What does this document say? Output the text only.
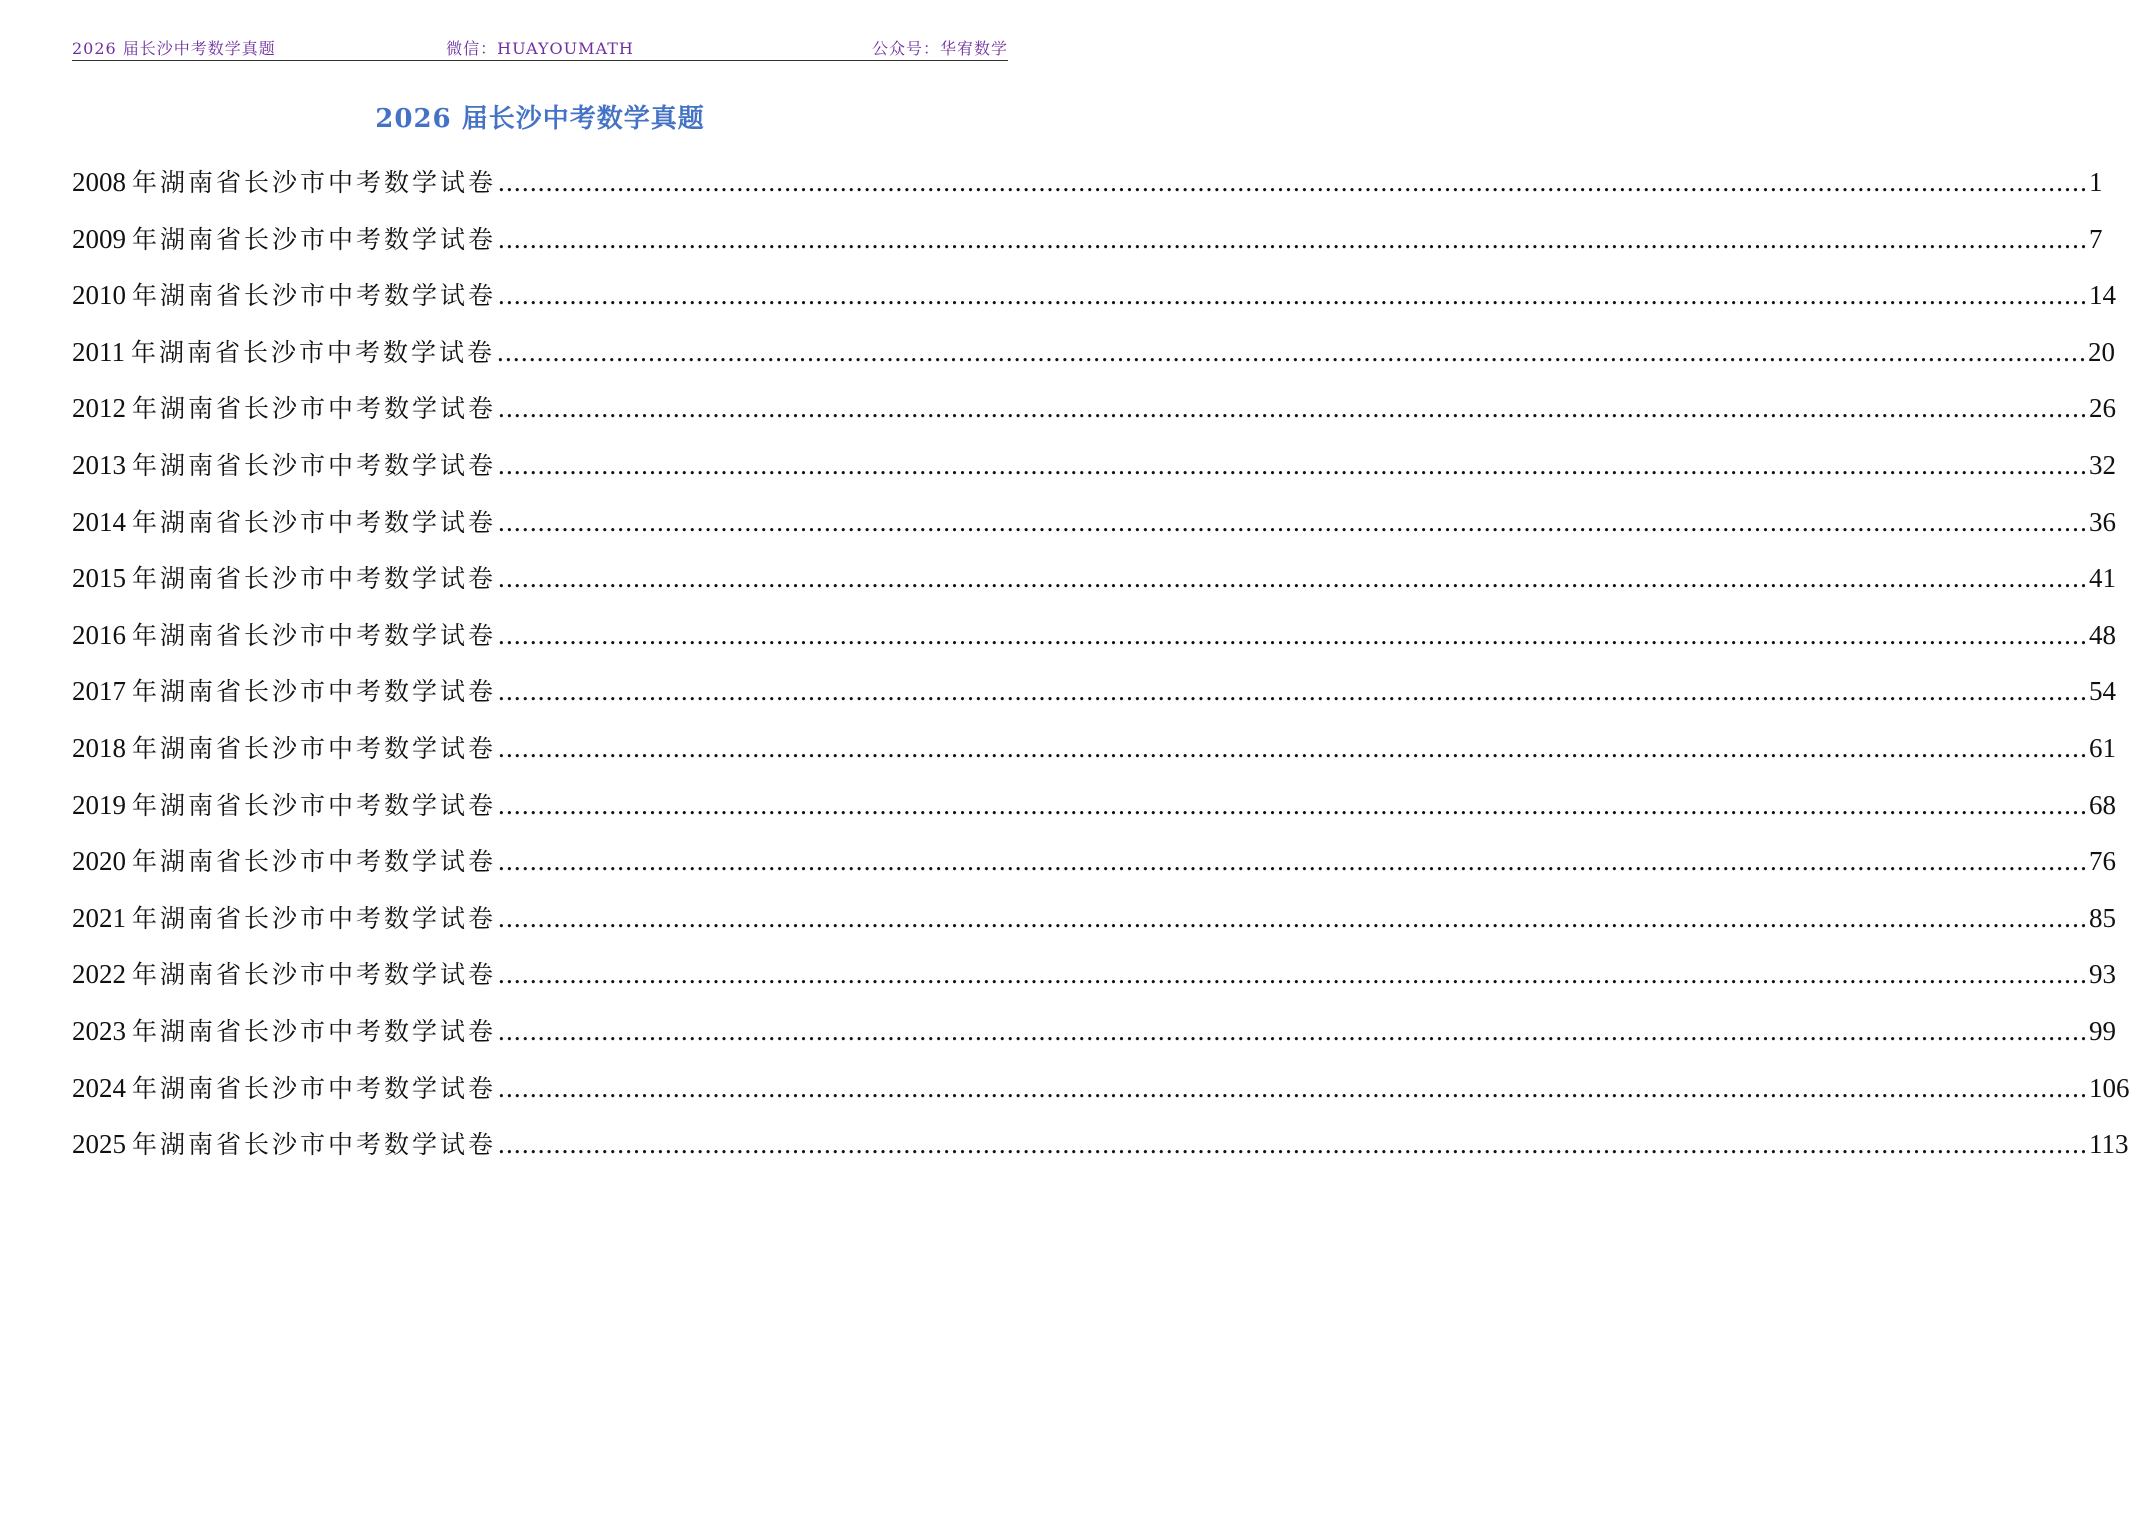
2026 届长沙中考数学真题	微信：HUAYOUMATH	公众号：华宥数学
2026 届长沙中考数学真题
2008 年湖南省长沙市中考数学试卷 ........................................................................................................................................................................................................ 1
2009 年湖南省长沙市中考数学试卷 ........................................................................................................................................................................................................ 7
2010 年湖南省长沙市中考数学试卷 ........................................................................................................................................................................................................ 14
2011 年湖南省长沙市中考数学试卷 ........................................................................................................................................................................................................ 20
2012 年湖南省长沙市中考数学试卷 ........................................................................................................................................................................................................ 26
2013 年湖南省长沙市中考数学试卷 ........................................................................................................................................................................................................ 32
2014 年湖南省长沙市中考数学试卷 ........................................................................................................................................................................................................ 36
2015 年湖南省长沙市中考数学试卷 ........................................................................................................................................................................................................ 41
2016 年湖南省长沙市中考数学试卷 ........................................................................................................................................................................................................ 48
2017 年湖南省长沙市中考数学试卷 ........................................................................................................................................................................................................ 54
2018 年湖南省长沙市中考数学试卷 ........................................................................................................................................................................................................ 61
2019 年湖南省长沙市中考数学试卷 ........................................................................................................................................................................................................ 68
2020 年湖南省长沙市中考数学试卷 ........................................................................................................................................................................................................ 76
2021 年湖南省长沙市中考数学试卷 ........................................................................................................................................................................................................ 85
2022 年湖南省长沙市中考数学试卷 ........................................................................................................................................................................................................ 93
2023 年湖南省长沙市中考数学试卷 ........................................................................................................................................................................................................ 99
2024 年湖南省长沙市中考数学试卷 ........................................................................................................................................................................................................ 106
2025 年湖南省长沙市中考数学试卷 ........................................................................................................................................................................................................ 113
